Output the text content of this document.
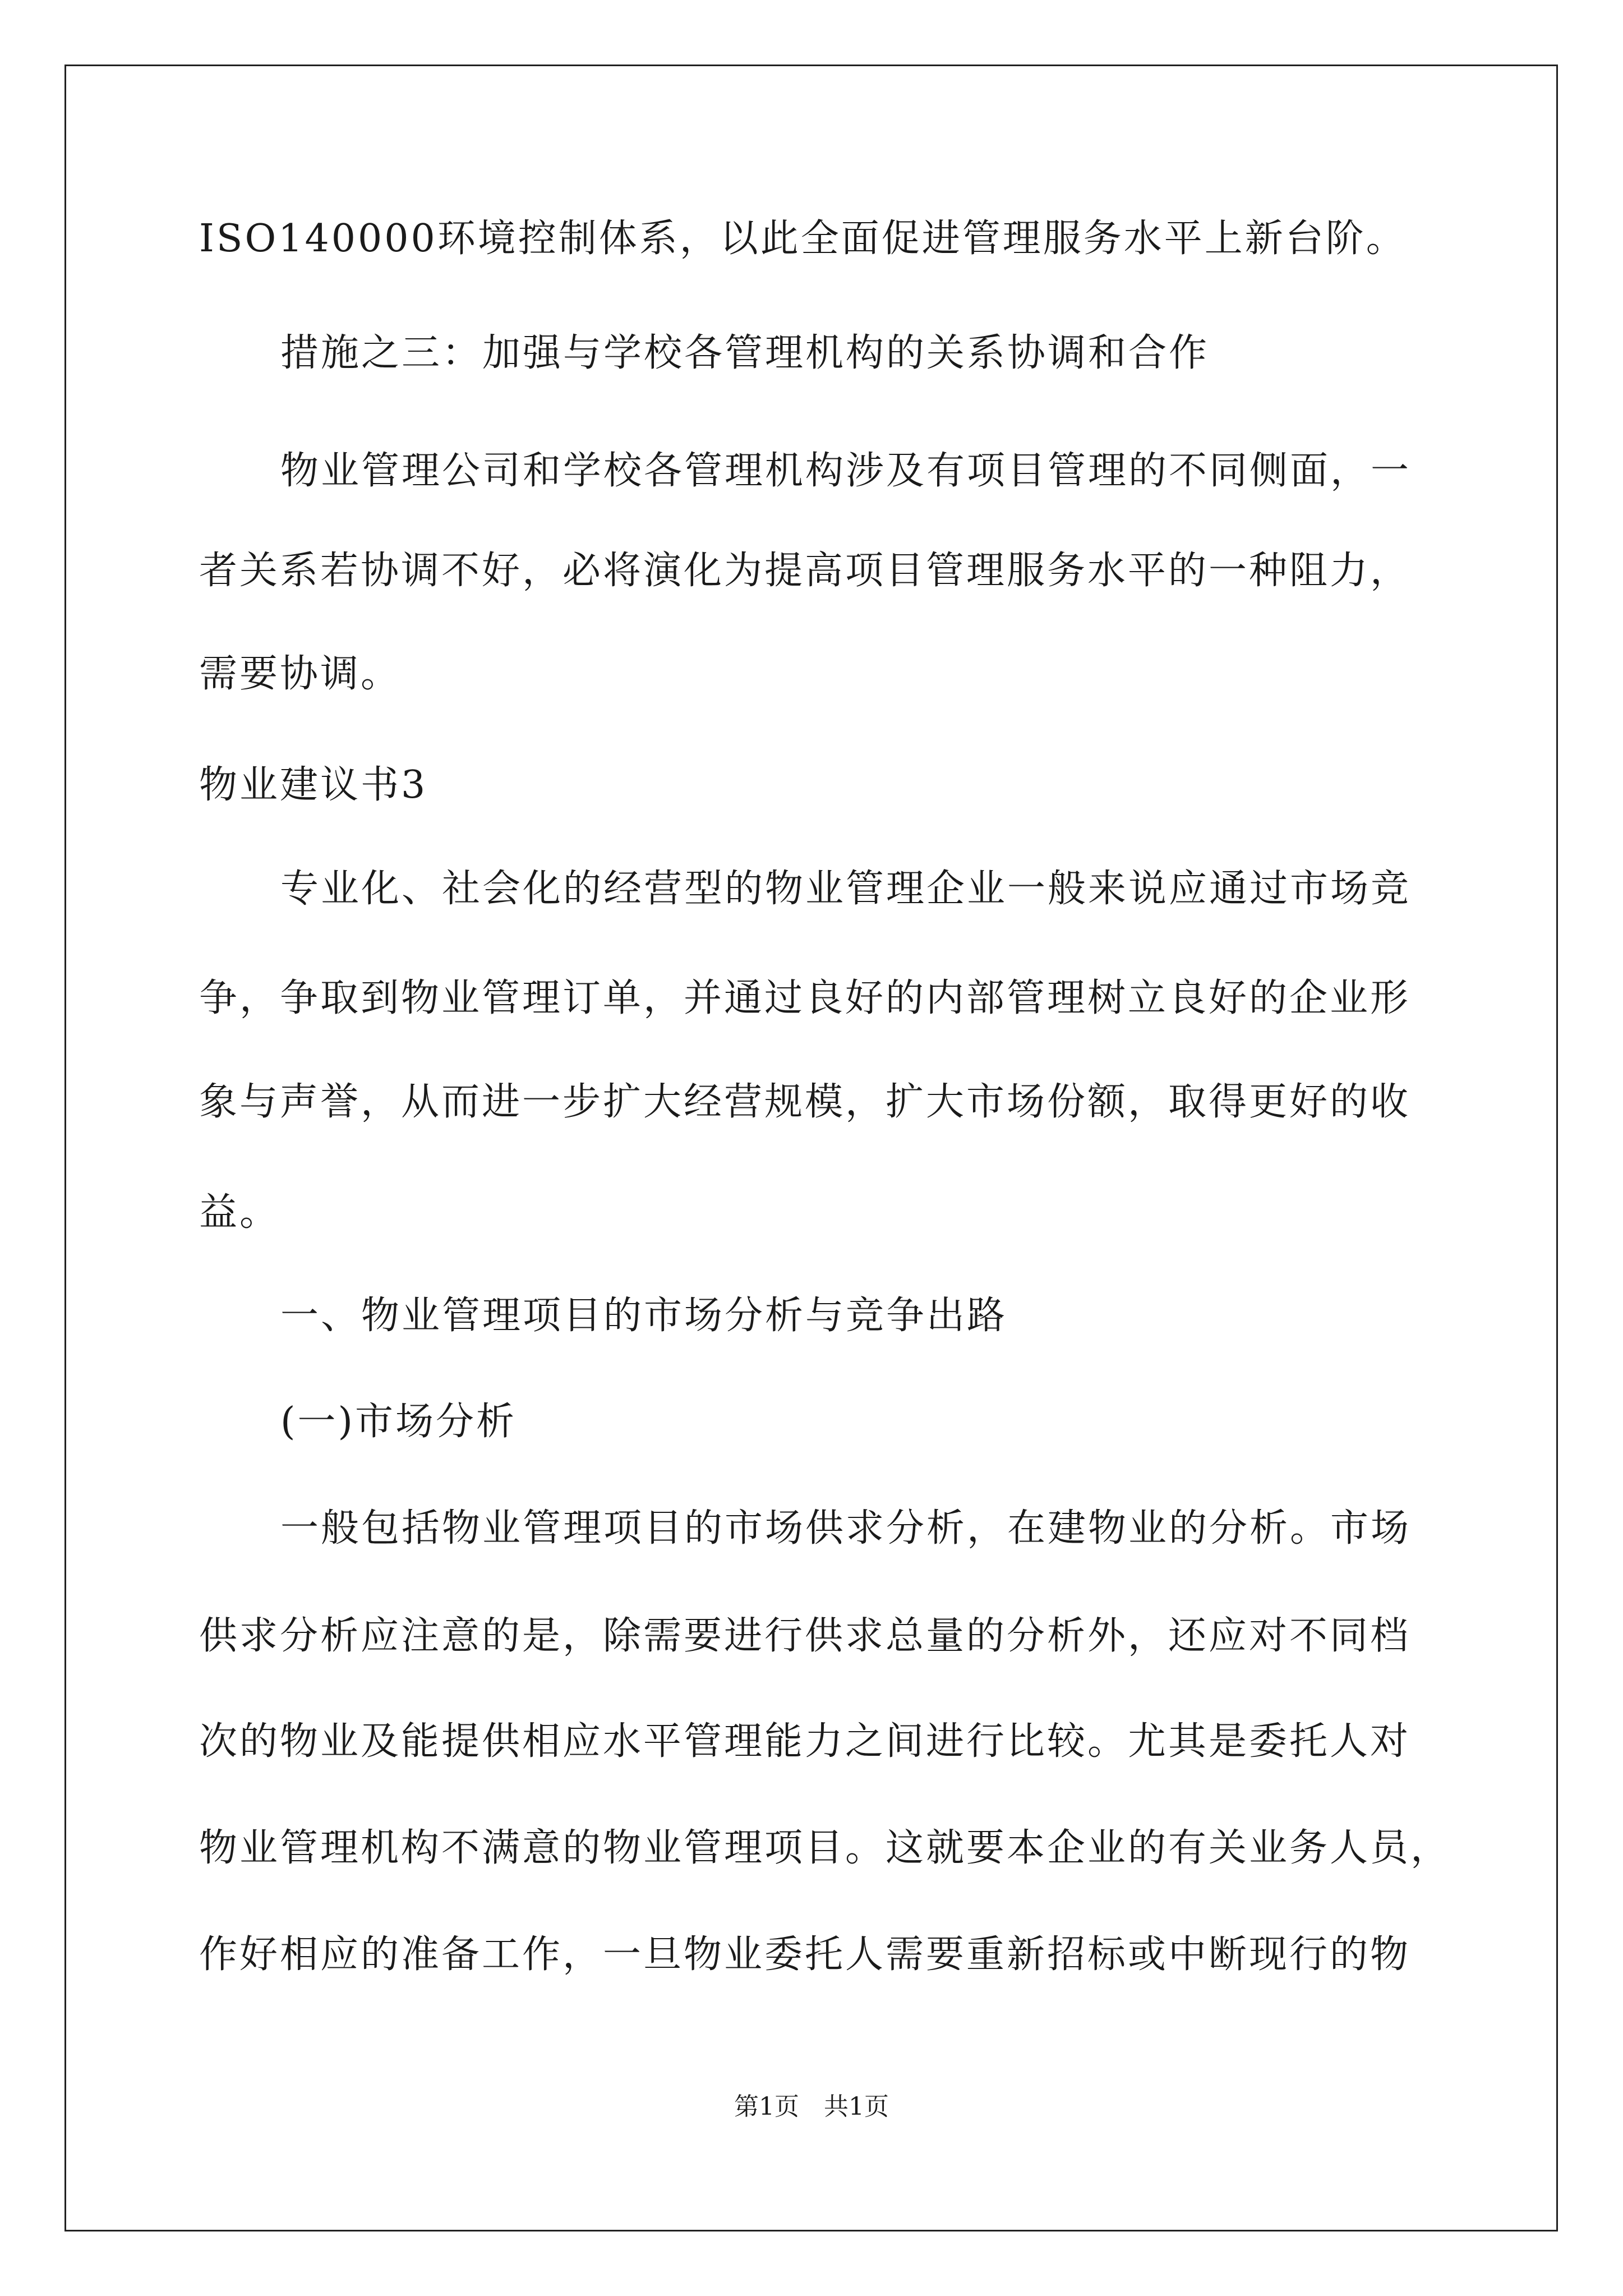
ISO140000环境控制体系，以此全面促进管理服务水平上新台阶。
措施之三：加强与学校各管理机构的关系协调和合作
物业管理公司和学校各管理机构涉及有项目管理的不同侧面，一
者关系若协调不好，必将演化为提高项目管理服务水平的一种阻力，
需要协调。
物业建议书3
专业化、社会化的经营型的物业管理企业一般来说应通过市场竞
争，争取到物业管理订单，并通过良好的内部管理树立良好的企业形
象与声誉，从而进一步扩大经营规模，扩大市场份额，取得更好的收
益。
一、物业管理项目的市场分析与竞争出路
(一)市场分析
一般包括物业管理项目的市场供求分析，在建物业的分析。市场
供求分析应注意的是，除需要进行供求总量的分析外，还应对不同档
次的物业及能提供相应水平管理能力之间进行比较。尤其是委托人对
物业管理机构不满意的物业管理项目。这就要本企业的有关业务人员，
作好相应的准备工作，一旦物业委托人需要重新招标或中断现行的物
第1页　共1页
